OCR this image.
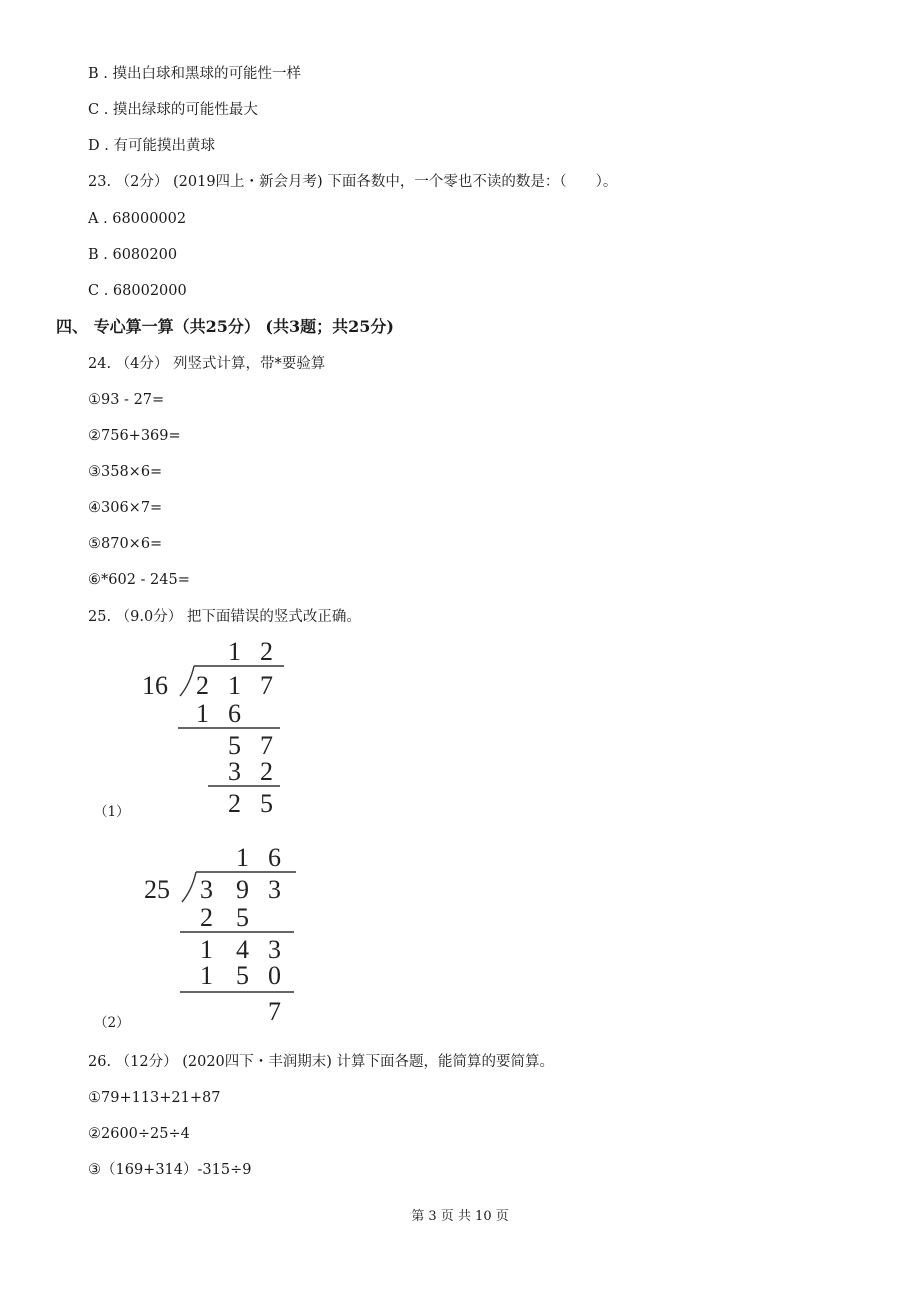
B . 摸出白球和黑球的可能性一样
C . 摸出绿球的可能性最大
D . 有可能摸出黄球
23. （2分） (2019四上・新会月考) 下面各数中，一个零也不读的数是：（　　）。
A . 68000002
B . 6080200
C . 68002000
四、 专心算一算（共25分） (共3题；共25分)
24. （4分） 列竖式计算，带*要验算
①93 - 27=
②756+369=
③358×6=
④306×7=
⑤870×6=
⑥*602 - 245=
25. （9.0分） 把下面错误的竖式改正确。
1 2
16 2 1 7
1 6
5 7
3 2
2 5
（1）
1 6
25 3 9 3
2 5
1 4 3
1 5 0
7
（2）
26. （12分） (2020四下・丰润期末) 计算下面各题，能简算的要简算。
①79+113+21+87
②2600÷25÷4
③（169+314）-315÷9
第 3 页 共 10 页
